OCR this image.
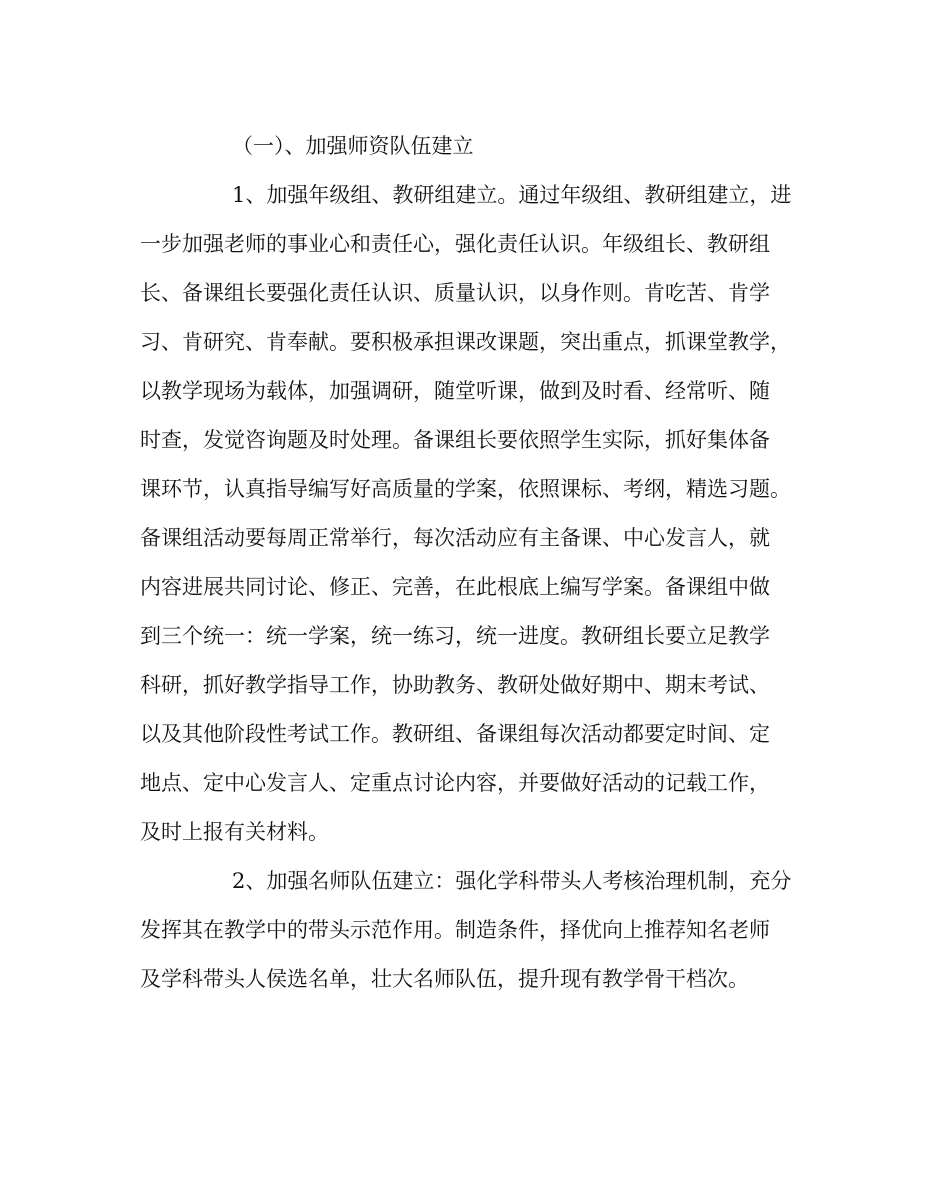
（一）、加强师资队伍建立
1、加强年级组、教研组建立。通过年级组、教研组建立，进
一步加强老师的事业心和责任心，强化责任认识。年级组长、教研组
长、备课组长要强化责任认识、质量认识，以身作则。肯吃苦、肯学
习、肯研究、肯奉献。要积极承担课改课题，突出重点，抓课堂教学，
以教学现场为载体，加强调研，随堂听课，做到及时看、经常听、随
时查，发觉咨询题及时处理。备课组长要依照学生实际，抓好集体备
课环节，认真指导编写好高质量的学案，依照课标、考纲，精选习题。
备课组活动要每周正常举行，每次活动应有主备课、中心发言人，就
内容进展共同讨论、修正、完善，在此根底上编写学案。备课组中做
到三个统一：统一学案，统一练习，统一进度。教研组长要立足教学
科研，抓好教学指导工作，协助教务、教研处做好期中、期末考试、
以及其他阶段性考试工作。教研组、备课组每次活动都要定时间、定
地点、定中心发言人、定重点讨论内容，并要做好活动的记载工作，
及时上报有关材料。
2、加强名师队伍建立：强化学科带头人考核治理机制，充分
发挥其在教学中的带头示范作用。制造条件，择优向上推荐知名老师
及学科带头人侯选名单，壮大名师队伍，提升现有教学骨干档次。
